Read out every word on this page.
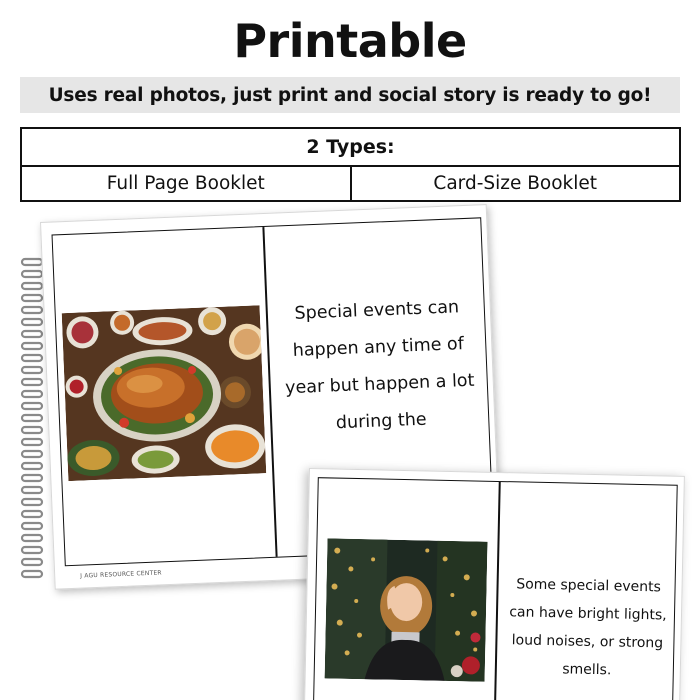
Printable
Uses real photos, just print and social story is ready to go!
2 Types:
Full Page Booklet	Card-Size Booklet
Special events can happen any time of year but happen a lot during the
J AGU RESOURCE CENTER
Some special events can have bright lights, loud noises, or strong smells.
